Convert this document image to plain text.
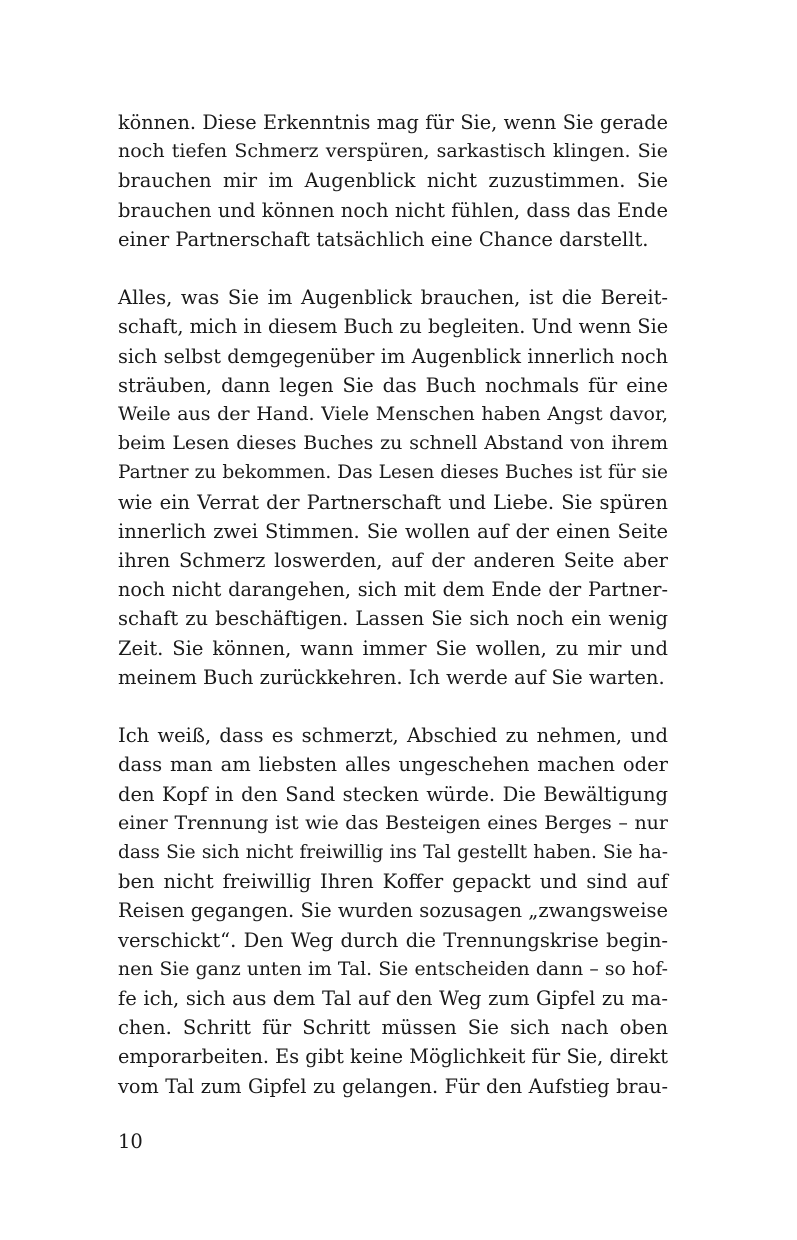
können. Diese Erkenntnis mag für Sie, wenn Sie gerade
noch tiefen Schmerz verspüren, sarkastisch klingen. Sie
brauchen mir im Augenblick nicht zuzustimmen. Sie
brauchen und können noch nicht fühlen, dass das Ende
einer Partnerschaft tatsächlich eine Chance darstellt.

Alles, was Sie im Augenblick brauchen, ist die Bereit-
schaft, mich in diesem Buch zu begleiten. Und wenn Sie
sich selbst demgegenüber im Augenblick innerlich noch
sträuben, dann legen Sie das Buch nochmals für eine
Weile aus der Hand. Viele Menschen haben Angst davor,
beim Lesen dieses Buches zu schnell Abstand von ihrem
Partner zu bekommen. Das Lesen dieses Buches ist für sie
wie ein Verrat der Partnerschaft und Liebe. Sie spüren
innerlich zwei Stimmen. Sie wollen auf der einen Seite
ihren Schmerz loswerden, auf der anderen Seite aber
noch nicht darangehen, sich mit dem Ende der Partner-
schaft zu beschäftigen. Lassen Sie sich noch ein wenig
Zeit. Sie können, wann immer Sie wollen, zu mir und
meinem Buch zurückkehren. Ich werde auf Sie warten.

Ich weiß, dass es schmerzt, Abschied zu nehmen, und
dass man am liebsten alles ungeschehen machen oder
den Kopf in den Sand stecken würde. Die Bewältigung
einer Trennung ist wie das Besteigen eines Berges – nur
dass Sie sich nicht freiwillig ins Tal gestellt haben. Sie ha-
ben nicht freiwillig Ihren Koffer gepackt und sind auf
Reisen gegangen. Sie wurden sozusagen „zwangsweise
verschickt“. Den Weg durch die Trennungskrise begin-
nen Sie ganz unten im Tal. Sie entscheiden dann – so hof-
fe ich, sich aus dem Tal auf den Weg zum Gipfel zu ma-
chen. Schritt für Schritt müssen Sie sich nach oben
emporarbeiten. Es gibt keine Möglichkeit für Sie, direkt
vom Tal zum Gipfel zu gelangen. Für den Aufstieg brau-

10
